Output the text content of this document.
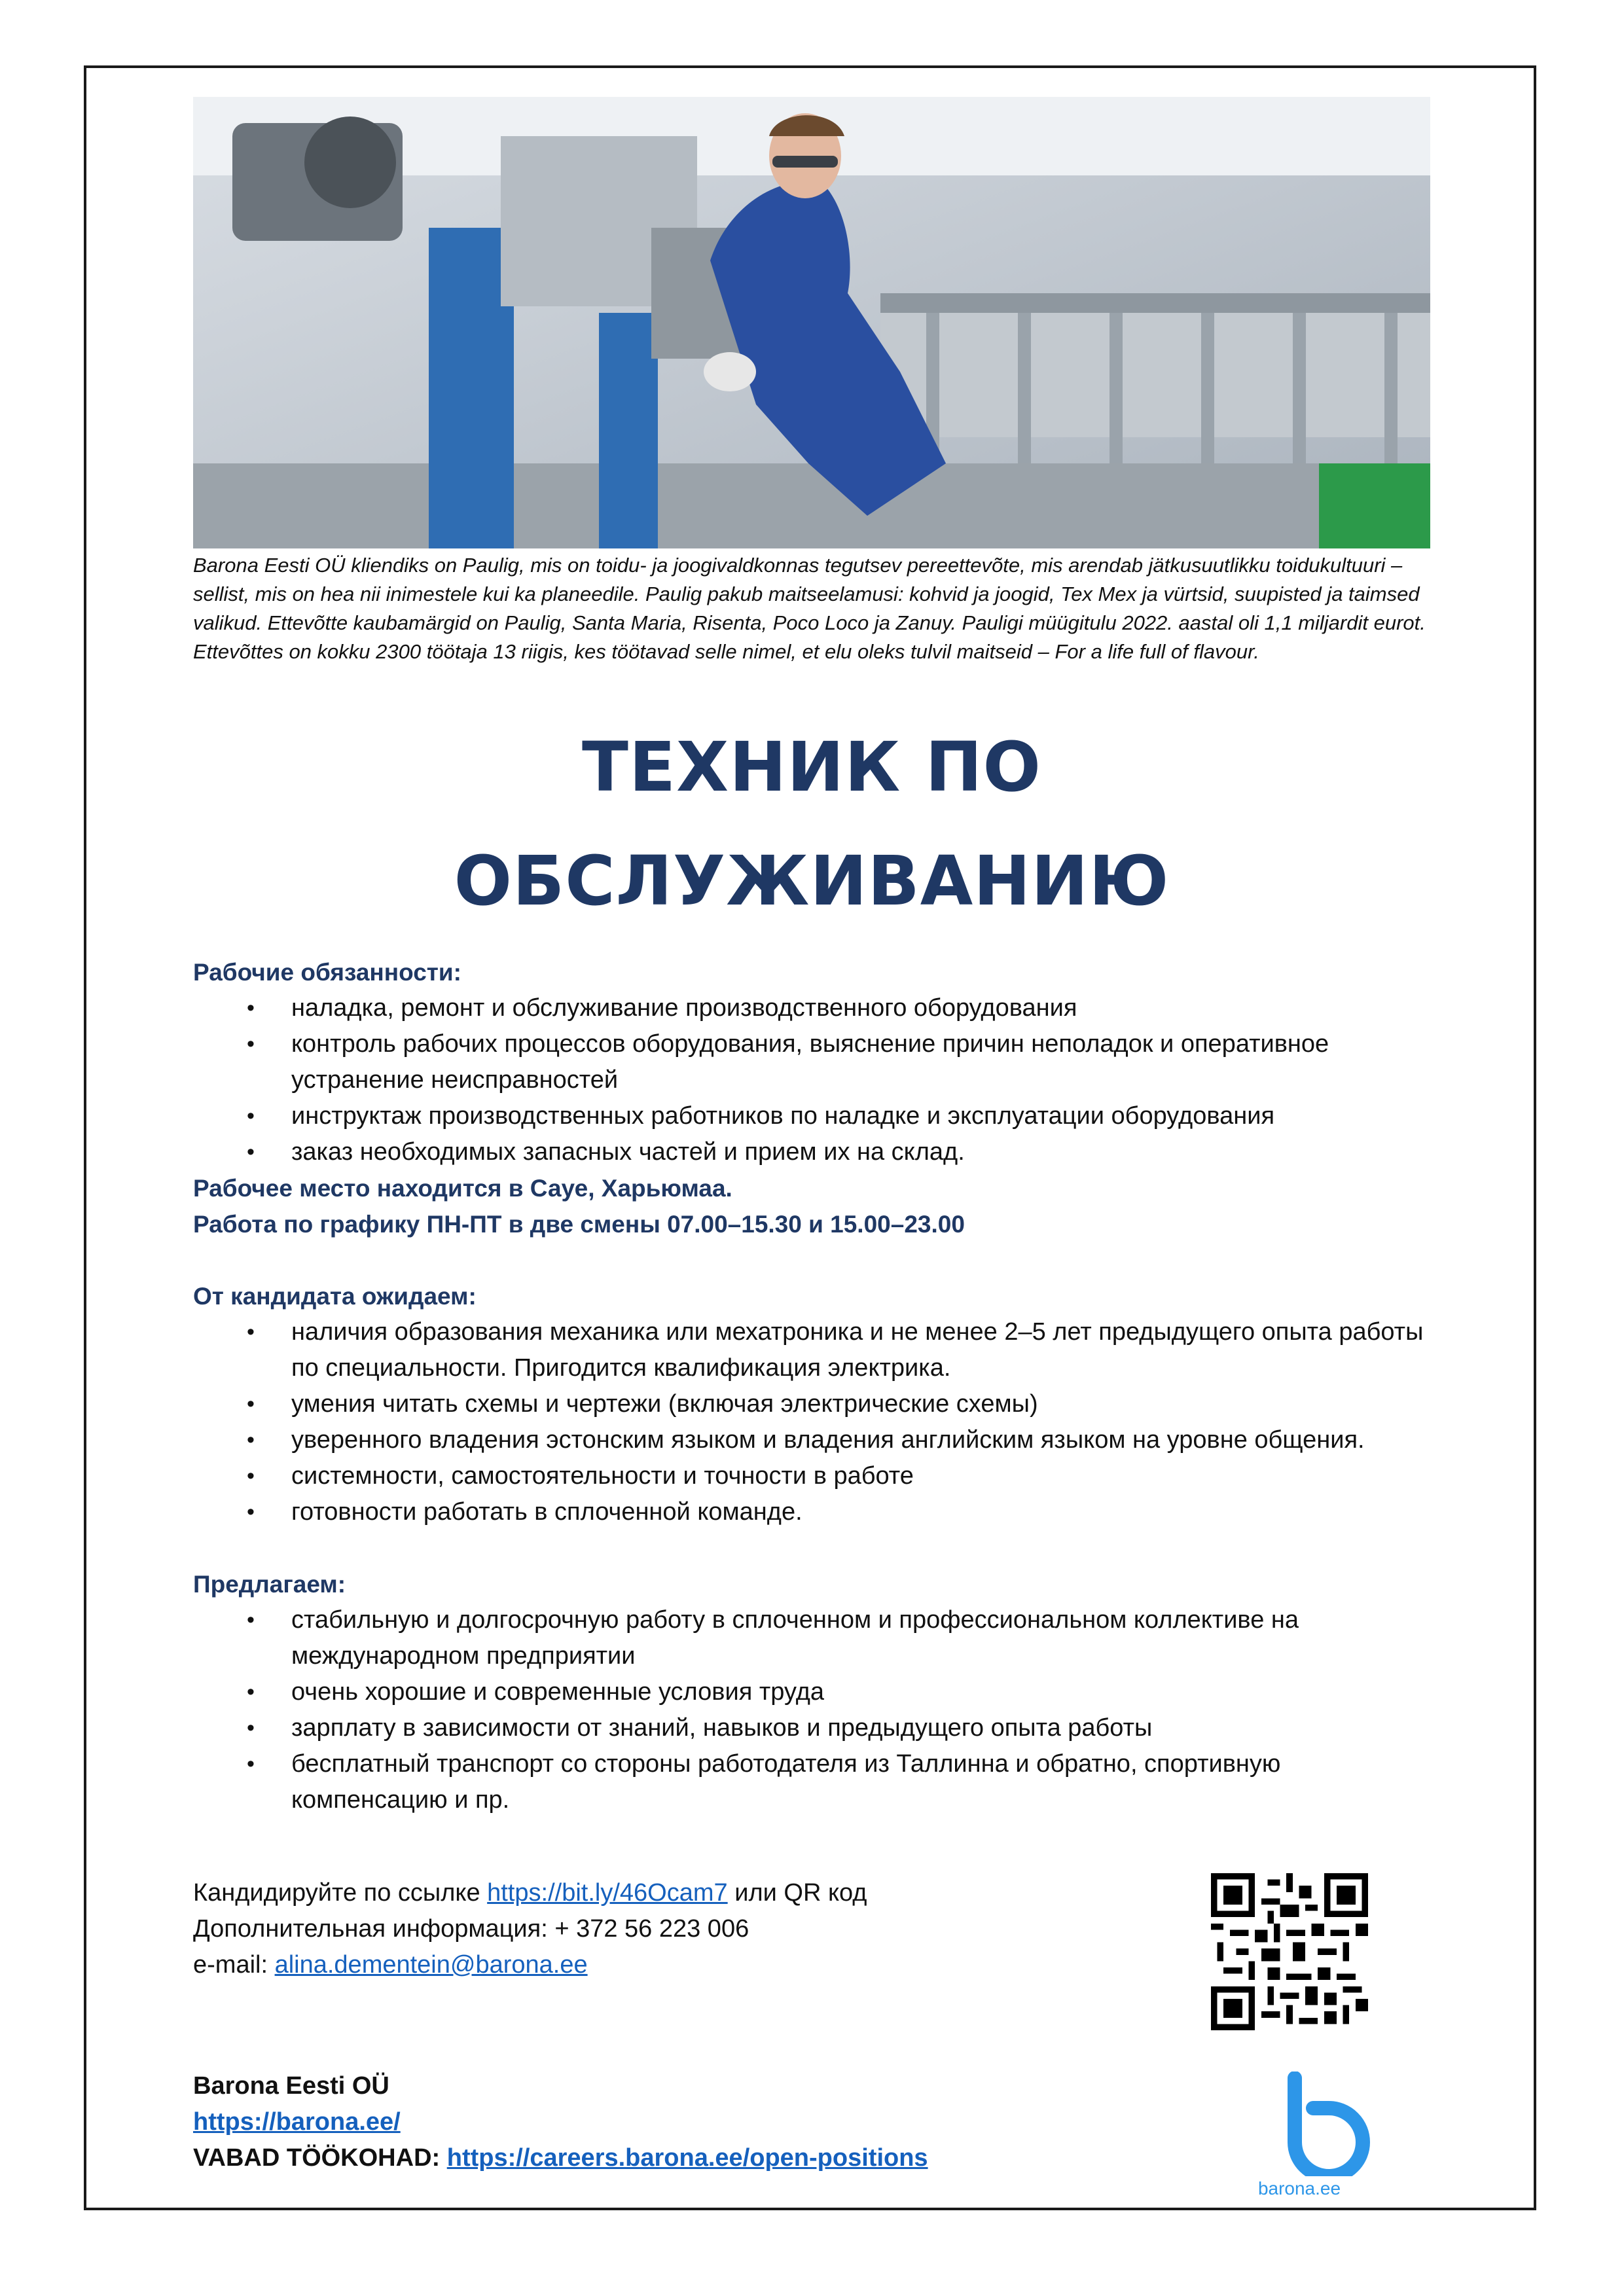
Barona Eesti OÜ kliendiks on Paulig, mis on toidu- ja joogivaldkonnas tegutsev pereettevõte, mis arendab jätkusuutlikku toidukultuuri – sellist, mis on hea nii inimestele kui ka planeedile. Paulig pakub maitseelamusi: kohvid ja joogid, Tex Mex ja vürtsid, suupisted ja taimsed valikud. Ettevõtte kaubamärgid on Paulig, Santa Maria, Risenta, Poco Loco ja Zanuy. Pauligi müügitulu 2022. aastal oli 1,1 miljardit eurot. Ettevõttes on kokku 2300 töötaja 13 riigis, kes töötavad selle nimel, et elu oleks tulvil maitseid – For a life full of flavour.

ТЕХНИК ПО
ОБСЛУЖИВАНИЮ

Рабочие обязанности:

• наладка, ремонт и обслуживание производственного оборудования
• контроль рабочих процессов оборудования, выяснение причин неполадок и оперативное устранение неисправностей
• инструктаж производственных работников по наладке и эксплуатации оборудования
• заказ необходимых запасных частей и прием их на склад.

Рабочее место находится в Сауе, Харьюмаа.

Работа по графику ПН-ПТ в две смены 07.00–15.30 и 15.00–23.00

От кандидата ожидаем:

• наличия образования механика или мехатроника и не менее 2–5 лет предыдущего опыта работы по специальности. Пригодится квалификация электрика.
• умения читать схемы и чертежи (включая электрические схемы)
• уверенного владения эстонским языком и владения английским языком на уровне общения.
• системности, самостоятельности и точности в работе
• готовности работать в сплоченной команде.

Предлагаем:

• стабильную и долгосрочную работу в сплоченном и профессиональном коллективе на международном предприятии
• очень хорошие и современные условия труда
• зарплату в зависимости от знаний, навыков и предыдущего опыта работы
• бесплатный транспорт со стороны работодателя из Таллинна и обратно, спортивную компенсацию и пр.
Кандидируйте по ссылке https://bit.ly/46Ocam7 или QR код
Дополнительная информация: + 372 56 223 006
e-mail: alina.dementein@barona.ee
Barona Eesti OÜ
https://barona.ee/
VABAD TÖÖKOHAD: https://careers.barona.ee/open-positions
barona.ee
